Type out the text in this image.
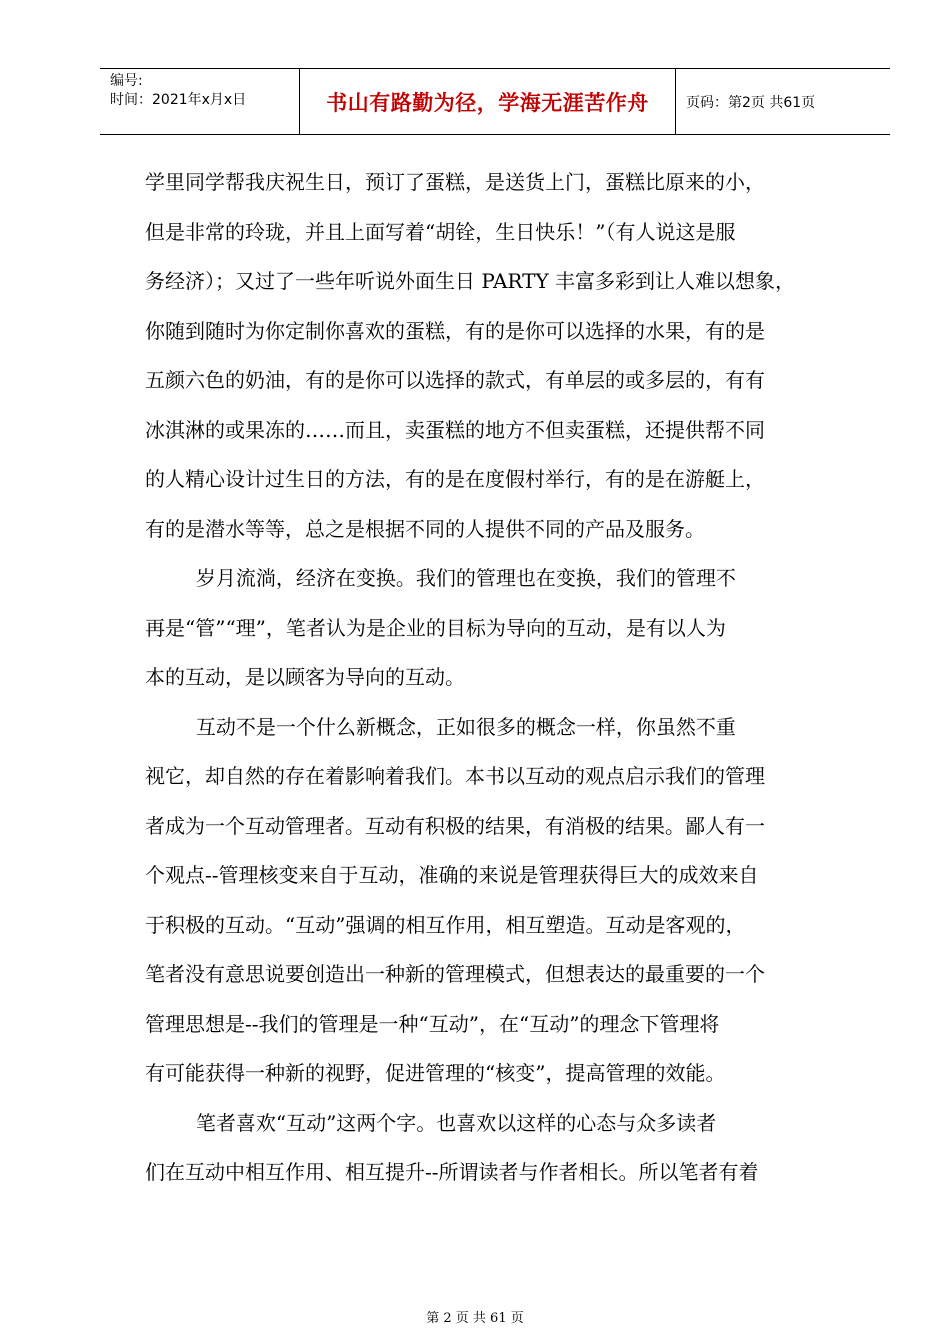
编号:
时间：2021年x月x日	书山有路勤为径，学海无涯苦作舟	页码：第2页 共61页
学里同学帮我庆祝生日，预订了蛋糕，是送货上门，蛋糕比原来的小，
但是非常的玲珑，并且上面写着“胡铨，生日快乐！”（有人说这是服
务经济）；又过了一些年听说外面生日 PARTY 丰富多彩到让人难以想象，
你随到随时为你定制你喜欢的蛋糕，有的是你可以选择的水果，有的是
五颜六色的奶油，有的是你可以选择的款式，有单层的或多层的，有有
冰淇淋的或果冻的……而且，卖蛋糕的地方不但卖蛋糕，还提供帮不同
的人精心设计过生日的方法，有的是在度假村举行，有的是在游艇上，
有的是潜水等等，总之是根据不同的人提供不同的产品及服务。
岁月流淌，经济在变换。我们的管理也在变换，我们的管理不
再是“管”“理”，笔者认为是企业的目标为导向的互动，是有以人为
本的互动，是以顾客为导向的互动。
互动不是一个什么新概念，正如很多的概念一样，你虽然不重
视它，却自然的存在着影响着我们。本书以互动的观点启示我们的管理
者成为一个互动管理者。互动有积极的结果，有消极的结果。鄙人有一
个观点--管理核变来自于互动，准确的来说是管理获得巨大的成效来自
于积极的互动。“互动”强调的相互作用，相互塑造。互动是客观的，
笔者没有意思说要创造出一种新的管理模式，但想表达的最重要的一个
管理思想是--我们的管理是一种“互动”，在“互动”的理念下管理将
有可能获得一种新的视野，促进管理的“核变”，提高管理的效能。
笔者喜欢“互动”这两个字。也喜欢以这样的心态与众多读者
们在互动中相互作用、相互提升--所谓读者与作者相长。所以笔者有着
第 2 页 共 61 页
